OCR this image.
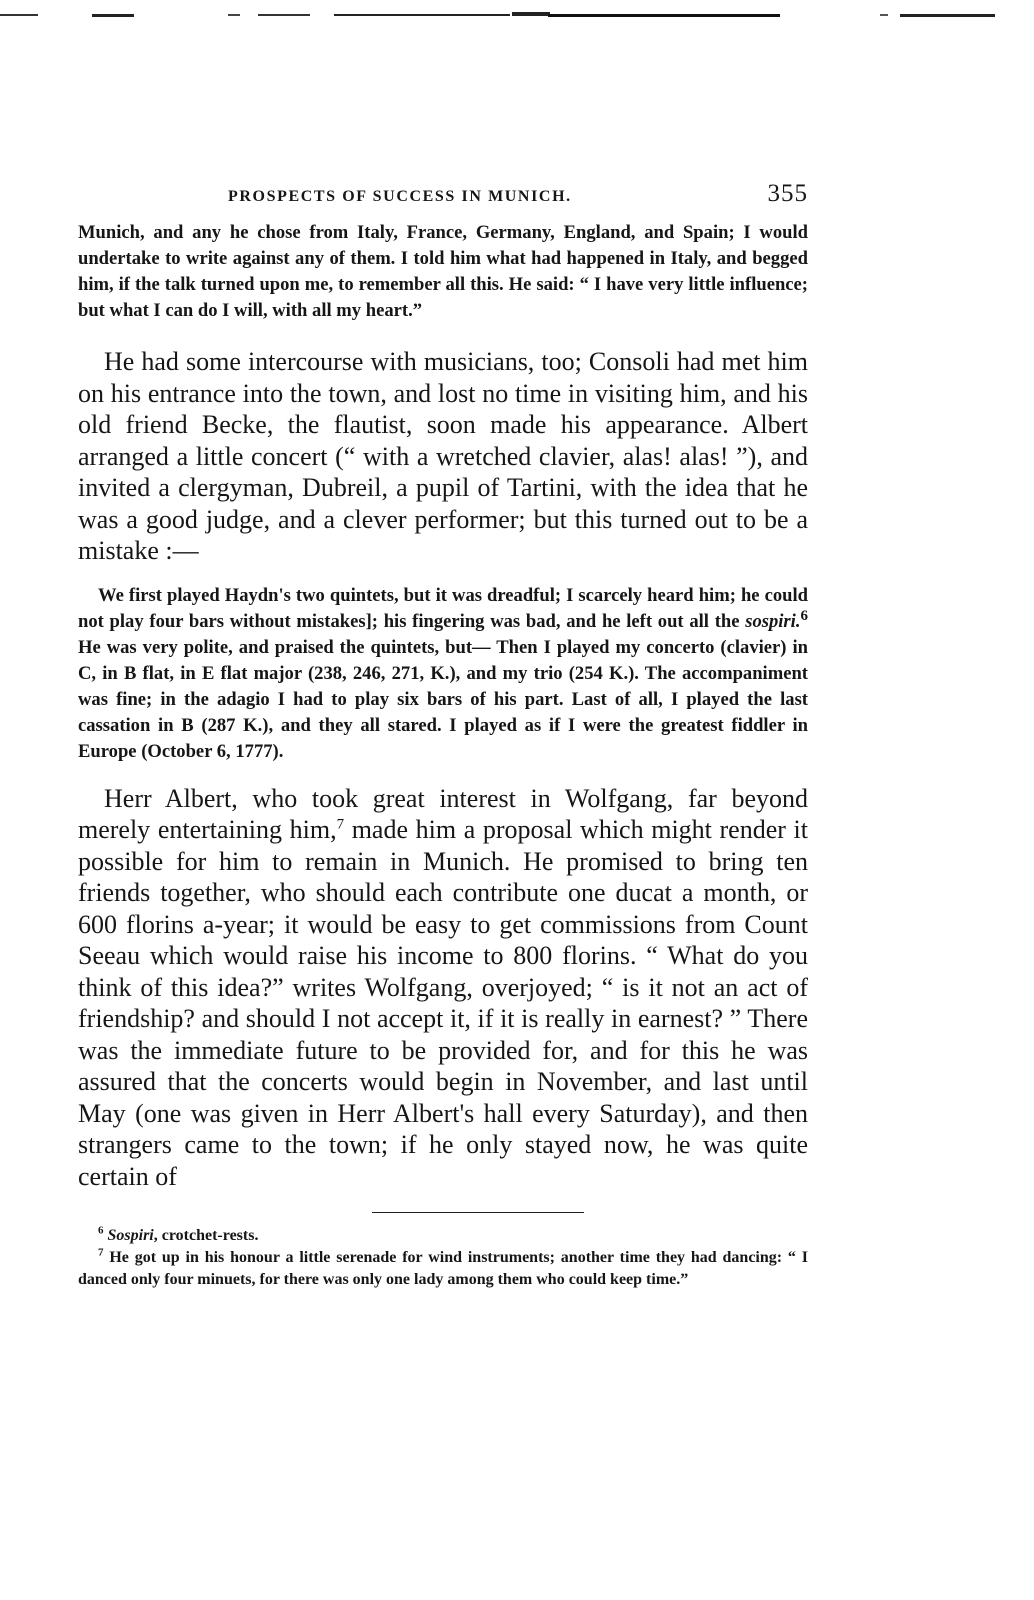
PROSPECTS OF SUCCESS IN MUNICH.	355

Munich, and any he chose from Italy, France, Germany, England, and Spain; I would undertake to write against any of them. I told him what had happened in Italy, and begged him, if the talk turned upon me, to remember all this. He said: “ I have very little influence; but what I can do I will, with all my heart.”

He had some intercourse with musicians, too; Consoli had met him on his entrance into the town, and lost no time in visiting him, and his old friend Becke, the flautist, soon made his appearance. Albert arranged a little concert (“ with a wretched clavier, alas! alas! ”), and invited a clergyman, Dubreil, a pupil of Tartini, with the idea that he was a good judge, and a clever performer; but this turned out to be a mistake :—

We first played Haydn's two quintets, but it was dreadful; I scarcely heard him; he could not play four bars without mistakes]; his fingering was bad, and he left out all the sospiri.$^6$ He was very polite, and praised the quintets, but— Then I played my concerto (clavier) in C, in B flat, in E flat major (238, 246, 271, K.), and my trio (254 K.). The accompaniment was fine; in the adagio I had to play six bars of his part. Last of all, I played the last cassation in B (287 K.), and they all stared. I played as if I were the greatest fiddler in Europe (October 6, 1777).

Herr Albert, who took great interest in Wolfgang, far beyond merely entertaining him,$^7$ made him a proposal which might render it possible for him to remain in Munich. He promised to bring ten friends together, who should each contribute one ducat a month, or 600 florins a-year; it would be easy to get commissions from Count Seeau which would raise his income to 800 florins. “ What do you think of this idea?” writes Wolfgang, overjoyed; “ is it not an act of friendship? and should I not accept it, if it is really in earnest? ” There was the immediate future to be provided for, and for this he was assured that the concerts would begin in November, and last until May (one was given in Herr Albert's hall every Saturday), and then strangers came to the town; if he only stayed now, he was quite certain of

$^6$ Sospiri, crotchet-rests.

$^7$ He got up in his honour a little serenade for wind instruments; another time they had dancing: “ I danced only four minuets, for there was only one lady among them who could keep time.”
